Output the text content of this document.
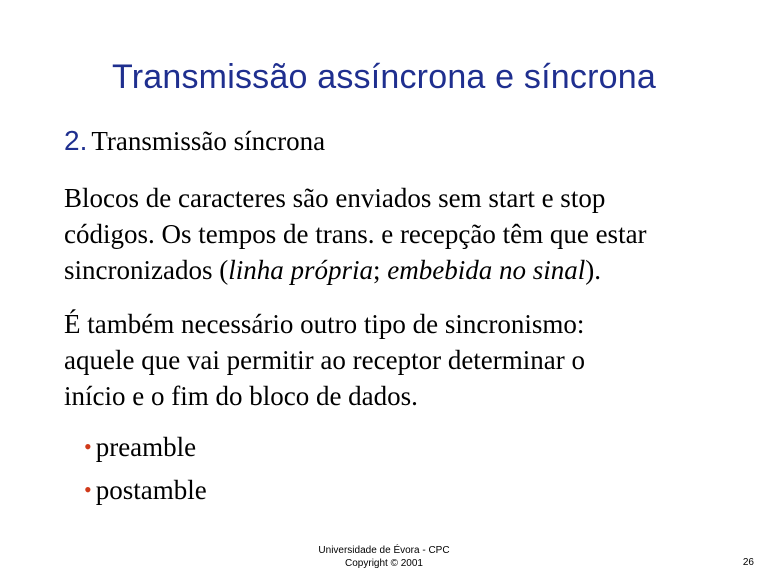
Transmissão assíncrona e síncrona
2. Transmissão síncrona
Blocos de caracteres são enviados sem start e stop
códigos. Os tempos de trans. e recepção têm que estar
sincronizados (linha própria; embebida no sinal).
É também necessário outro tipo de sincronismo:
aquele que vai permitir ao receptor determinar o
início e o fim do bloco de dados.
• preamble
• postamble
Universidade de Évora - CPC
Copyright © 2001	26
